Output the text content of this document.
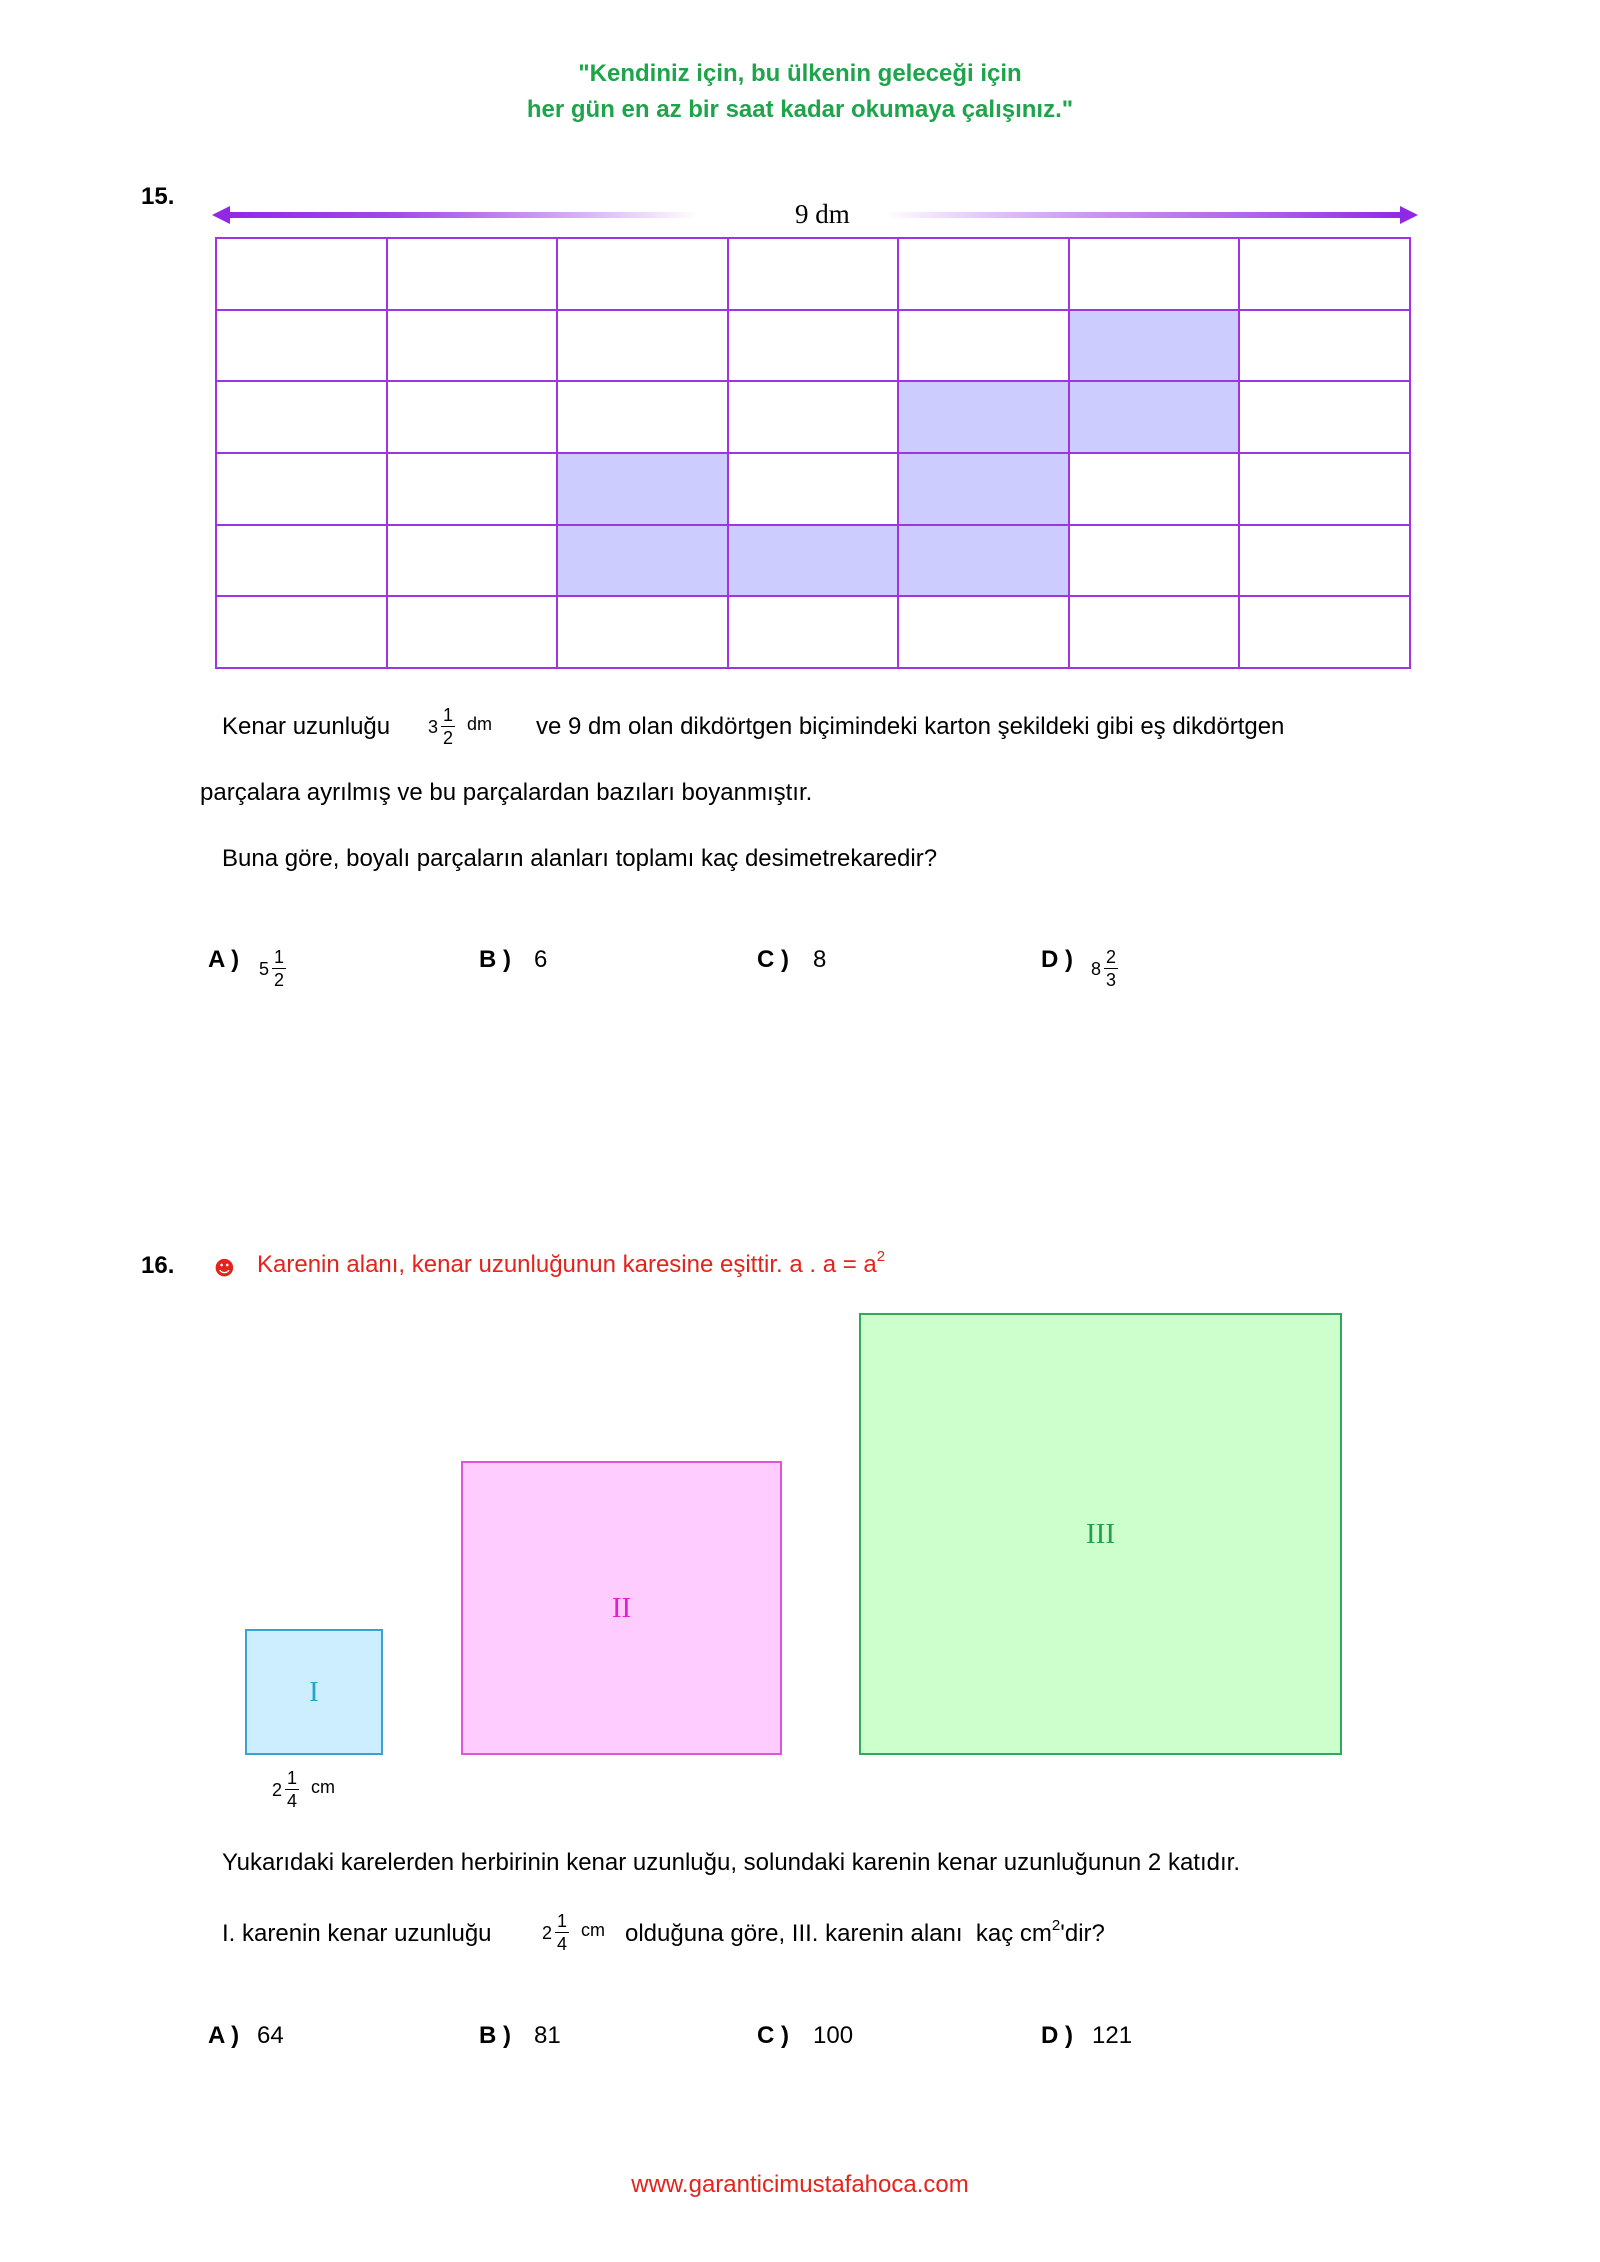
"Kendiniz için, bu ülkenin geleceği için
her gün en az bir saat kadar okumaya çalışınız."
15.
9 dm
Kenar uzunluğu $3 \frac{1}{2}$ dm ve 9 dm olan dikdörtgen biçimindeki karton şekildeki gibi eş dikdörtgen
parçalara ayrılmış ve bu parçalardan bazıları boyanmıştır.
Buna göre, boyalı parçaların alanları toplamı kaç desimetrekaredir?
A ) $5 \frac{1}{2}$	B ) 6	C ) 8	D ) $8 \frac{2}{3}$
16. ☻ Karenin alanı, kenar uzunluğunun karesine eşittir. a . $a = a^2$
I
II
III
$2 \frac{1}{4}$ cm
Yukarıdaki karelerden herbirinin kenar uzunluğu, solundaki karenin kenar uzunluğunun 2 katıdır.
I. karenin kenar uzunluğu	$2 \frac{1}{4}$ cm olduğuna göre, III. karenin alanı  kaç $cm^2'dir$?
A ) 64	B ) 81	C ) 100	D ) 121
www.garanticimustafahoca.com
